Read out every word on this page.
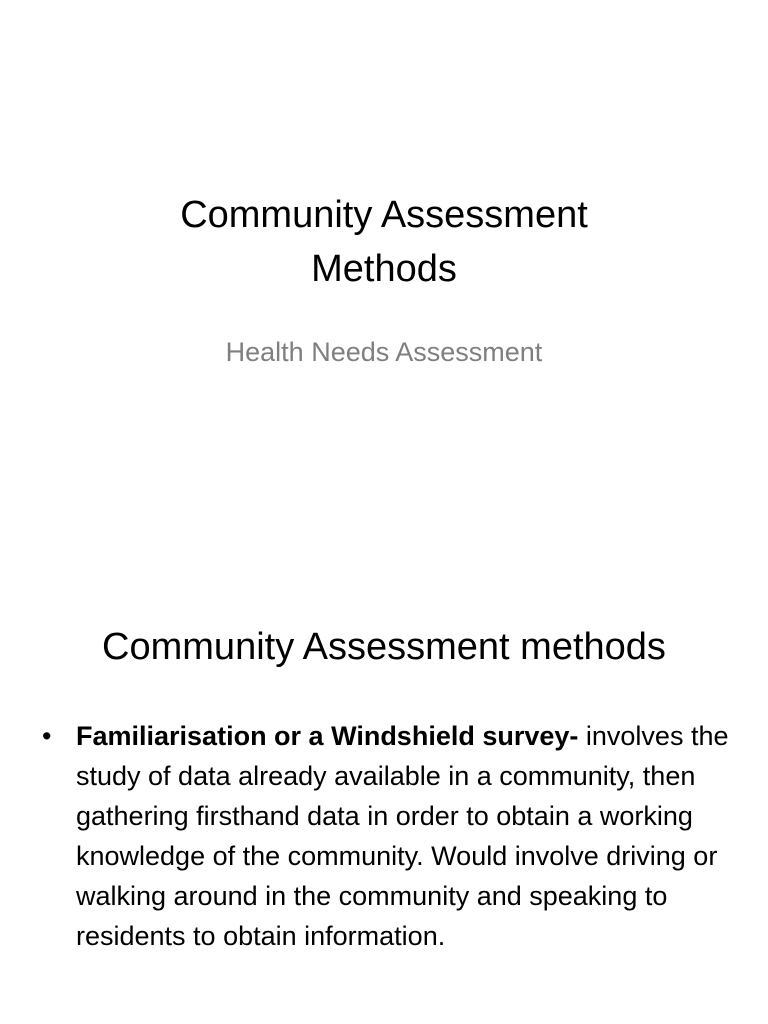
Community Assessment
Methods
Health Needs Assessment
Community Assessment methods
• Familiarisation or a Windshield survey- involves the study of data already available in a community, then gathering firsthand data in order to obtain a working knowledge of the community. Would involve driving or walking around in the community and speaking to residents to obtain information.
